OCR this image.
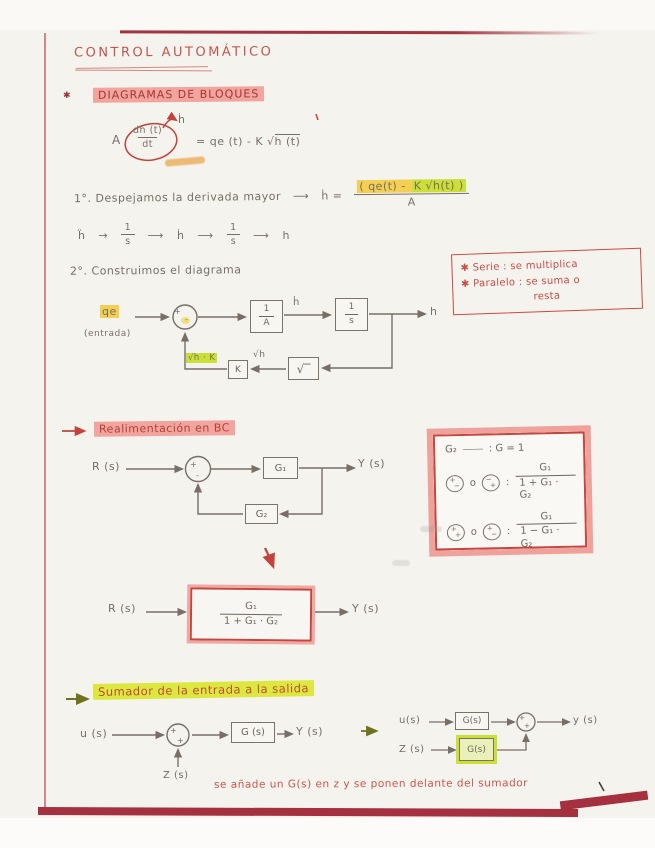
CONTROL AUTOMÁTICO
✱	DIAGRAMAS DE BLOQUES
A $\frac{dh (t)}{dt}$
ḣ
= qe (t) - K √h (t)
1°. Despejamos la derivada mayor ⟶ ḣ = $\frac{( qe(t) - K √h(t) )}{A}$
ḧ → $\frac{1}{s}$ ⟶ ḣ ⟶ $\frac{1}{s}$ ⟶ h
2°. Construimos el diagrama	✱ Serie : se multiplica
✱ Paralelo : se suma o
resta
qe
(entrada)
+
-	$\frac{1}{A}$
ḣ	$\frac{1}{s}$	h
√‾
√h
K
√h · K
Realimentación en BC
R (s)	+
-
G₁	Y (s)
G₂
G₂ ⎯⎯⎯⎯ : G = 1
+
− o −
+ : $\frac{\text{G₁}}{\text{1 + G₁ · G₂}}$
+
+ o +
− : $\frac{\text{G₁}}{\text{1 − G₁ · G₂}}$
R (s)	$\frac{\text{G₁}}{\text{1 + G₁ · G₂}}$	Y (s)
Sumador de la entrada a la salida
u (s)	+
+
G (s)	Y (s)
Z (s)
u(s)	G(s)	+
+	y (s)
Z (s)	G(s)
se añade un G(s) en z y se ponen delante del sumador
